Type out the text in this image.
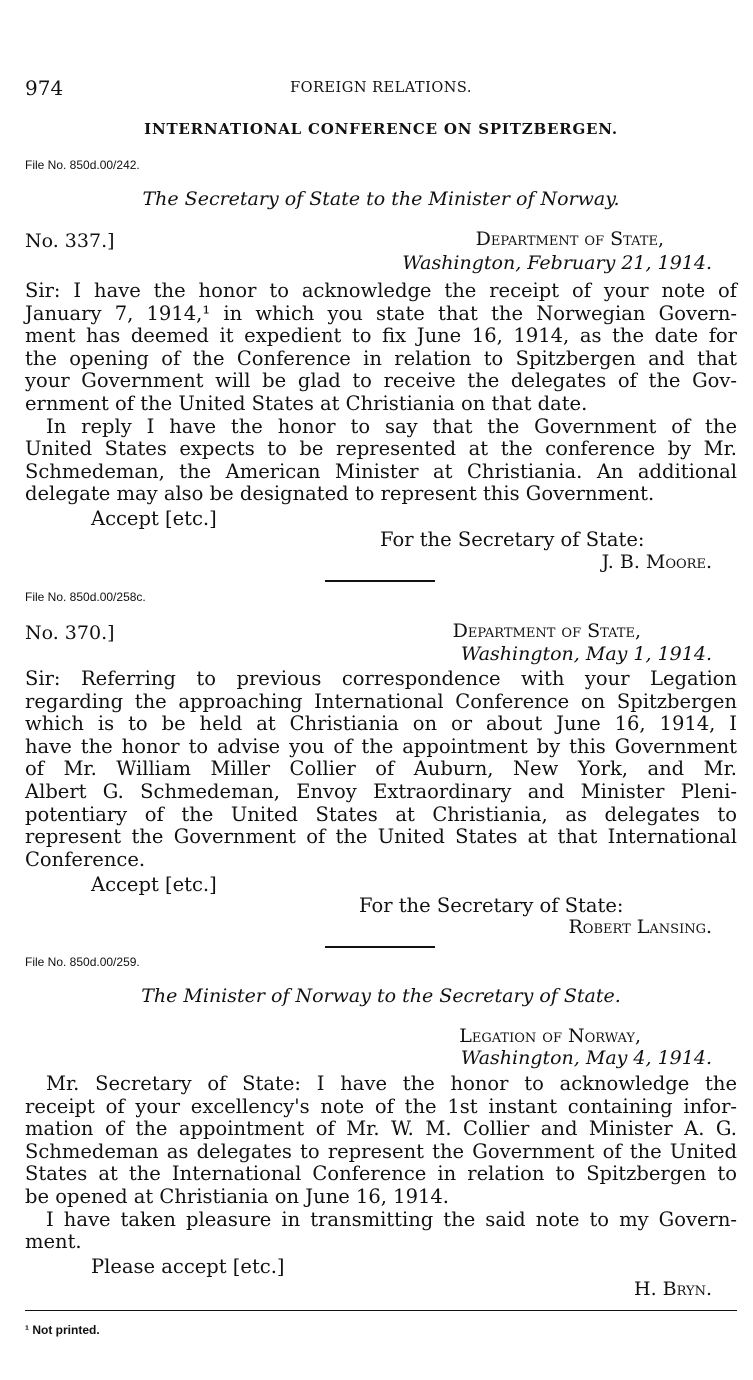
974	FOREIGN RELATIONS.
INTERNATIONAL CONFERENCE ON SPITZBERGEN.
File No. 850d.00/242.
The Secretary of State to the Minister of Norway.
No. 337.]	Department of State,
Washington, February 21, 1914.

Sir: I have the honor to acknowledge the receipt of your note of

January 7, 1914,¹ in which you state that the Norwegian Govern-

ment has deemed it expedient to fix June 16, 1914, as the date for

the opening of the Conference in relation to Spitzbergen and that

your Government will be glad to receive the delegates of the Gov-

ernment of the United States at Christiania on that date.

In reply I have the honor to say that the Government of the

United States expects to be represented at the conference by Mr.

Schmedeman, the American Minister at Christiania. An additional

delegate may also be designated to represent this Government.

Accept [etc.]
For the Secretary of State:
J. B. Moore.
File No. 850d.00/258c.
No. 370.]	Department of State,
Washington, May 1, 1914.

Sir: Referring to previous correspondence with your Legation

regarding the approaching International Conference on Spitzbergen

which is to be held at Christiania on or about June 16, 1914, I

have the honor to advise you of the appointment by this Government

of Mr. William Miller Collier of Auburn, New York, and Mr.

Albert G. Schmedeman, Envoy Extraordinary and Minister Pleni-

potentiary of the United States at Christiania, as delegates to

represent the Government of the United States at that International

Conference.

Accept [etc.]
For the Secretary of State:
Robert Lansing.
File No. 850d.00/259.
The Minister of Norway to the Secretary of State.
Legation of Norway,
Washington, May 4, 1914.

Mr. Secretary of State: I have the honor to acknowledge the

receipt of your excellency's note of the 1st instant containing infor-

mation of the appointment of Mr. W. M. Collier and Minister A. G.

Schmedeman as delegates to represent the Government of the United

States at the International Conference in relation to Spitzbergen to

be opened at Christiania on June 16, 1914.

I have taken pleasure in transmitting the said note to my Govern-

ment.

Please accept [etc.]
H. Bryn.
¹ Not printed.
